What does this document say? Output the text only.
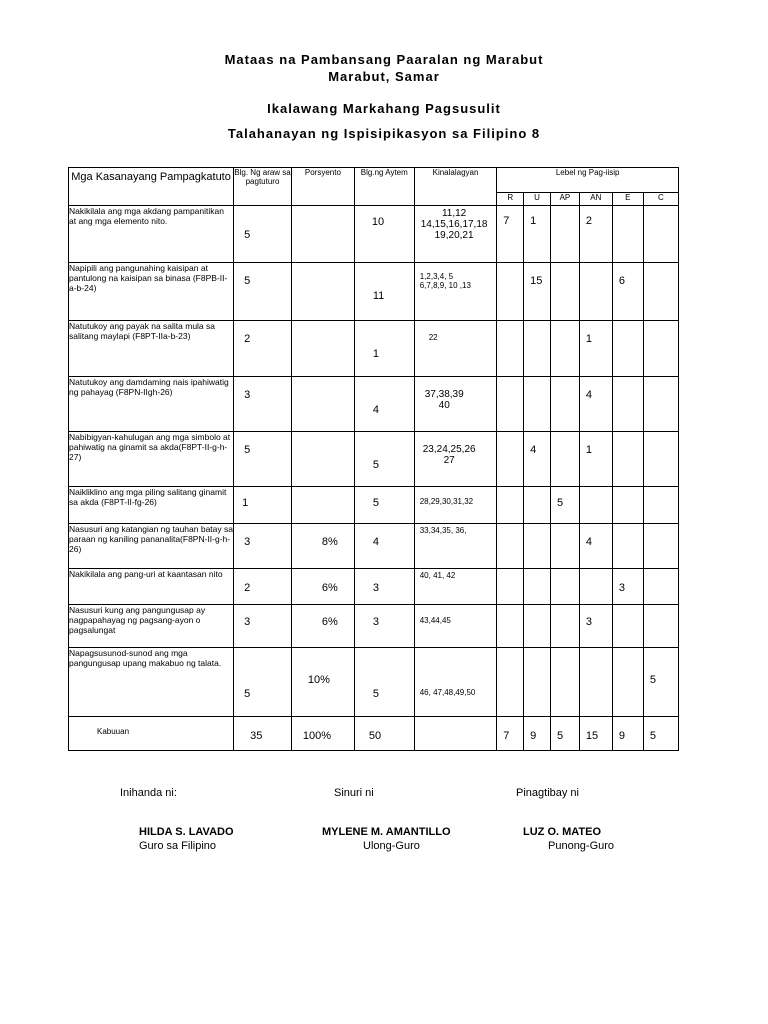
Mataas na Pambansang Paaralan ng Marabut
Marabut, Samar
Ikalawang Markahang Pagsusulit
Talahanayan ng Ispisipikasyon sa Filipino 8
Mga Kasanayang Pampagkatuto	Blg. Ng araw sa pagtuturo	Porsyento	Blg.ng Aytem	Kinalalagyan	Lebel ng Pag-iisip					
					R	U	AP	AN	E	C
Nakikilala ang mga akdang pampanitikan at ang mga elemento nito.	5		10	11,12
14,15,16,17,18
19,20,21	7	1		2		

Napipili ang pangunahing kaisipan at pantulong na kaisipan sa binasa (F8PB-II-a-b-24)	5		11	1,2,3,4, 5
6,7,8,9, 10 ,13		15			6	

Natutukoy ang payak na salita mula sa salitang maylapi (F8PT-IIa-b-23)	2		1	22				1		

Natutukoy ang damdaming nais ipahiwatig ng pahayag (F8PN-IIgh-26)	3		4	37,38,39
40				4		

Nabibigyan-kahulugan ang mga simbolo at pahiwatig na ginamit sa akda(F8PT-II-g-h-27)	5		5	23,24,25,26
27		4		1		

Naikliklino ang mga piling salitang ginamit sa akda (F8PT-II-fg-26)	1		5	28,29,30,31,32			5			

Nasusuri ang katangian ng tauhan batay sa paraan ng kaniling pananalita(F8PN-II-g-h-26)	3	8%	4	33,34,35, 36,				4		

Nakikilala ang pang-uri at kaantasan nito	2	6%	3	40, 41, 42					3	

Nasusuri kung ang pangungusap ay nagpapahayag ng pagsang-ayon o pagsalungat	3	6%	3	43,44,45				3		

Napagsusunod-sunod ang mga pangungusap upang makabuo ng talata.	5	10%	5	46, 47,48,49,50						5

Kabuuan	35	100%	50		7	9	5	15	9	5
Inihanda ni:	Sinuri ni	Pinagtibay ni
HILDA S. LAVADO
Guro sa Filipino
MYLENE M. AMANTILLO
Ulong-Guro
LUZ O. MATEO
Punong-Guro
